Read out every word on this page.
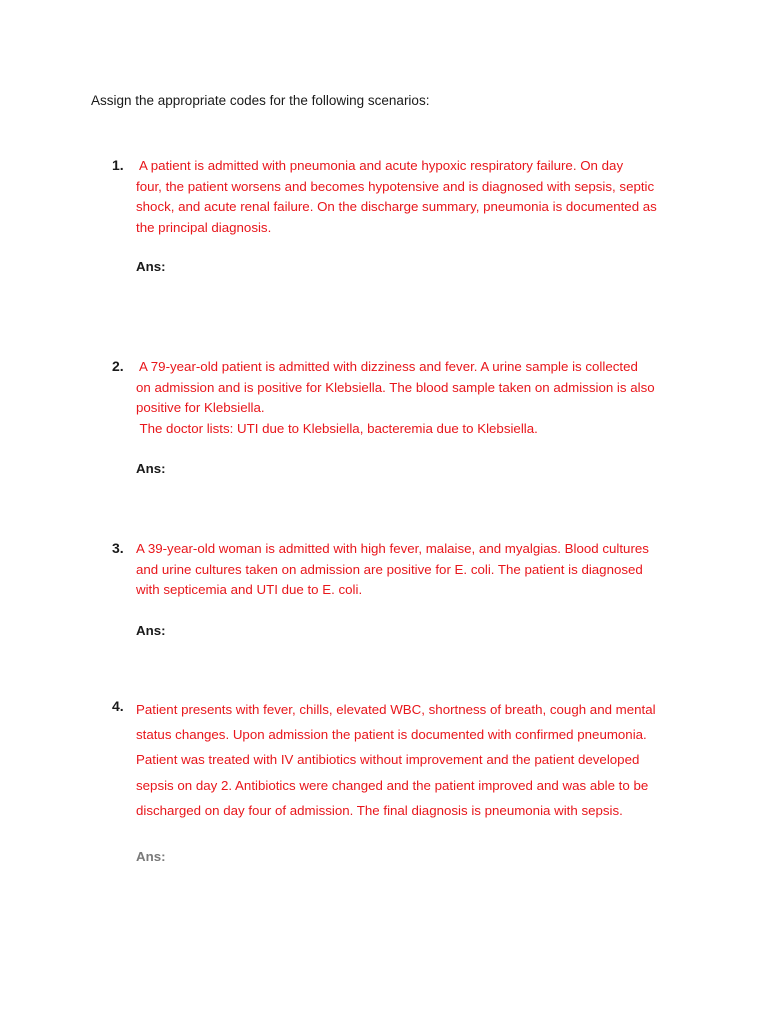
Assign the appropriate codes for the following scenarios:
1. A patient is admitted with pneumonia and acute hypoxic respiratory failure. On day

four, the patient worsens and becomes hypotensive and is diagnosed with sepsis, septic

shock, and acute renal failure. On the discharge summary, pneumonia is documented as

the principal diagnosis.

Ans:
2. A 79-year-old patient is admitted with dizziness and fever. A urine sample is collected

on admission and is positive for Klebsiella. The blood sample taken on admission is also

positive for Klebsiella.

The doctor lists: UTI due to Klebsiella, bacteremia due to Klebsiella.

Ans:
3. A 39-year-old woman is admitted with high fever, malaise, and myalgias. Blood cultures

and urine cultures taken on admission are positive for E. coli. The patient is diagnosed

with septicemia and UTI due to E. coli.

Ans:
4. Patient presents with fever, chills, elevated WBC, shortness of breath, cough and mental

status changes. Upon admission the patient is documented with confirmed pneumonia.

Patient was treated with IV antibiotics without improvement and the patient developed

sepsis on day 2. Antibiotics were changed and the patient improved and was able to be

discharged on day four of admission. The final diagnosis is pneumonia with sepsis.

Ans:
